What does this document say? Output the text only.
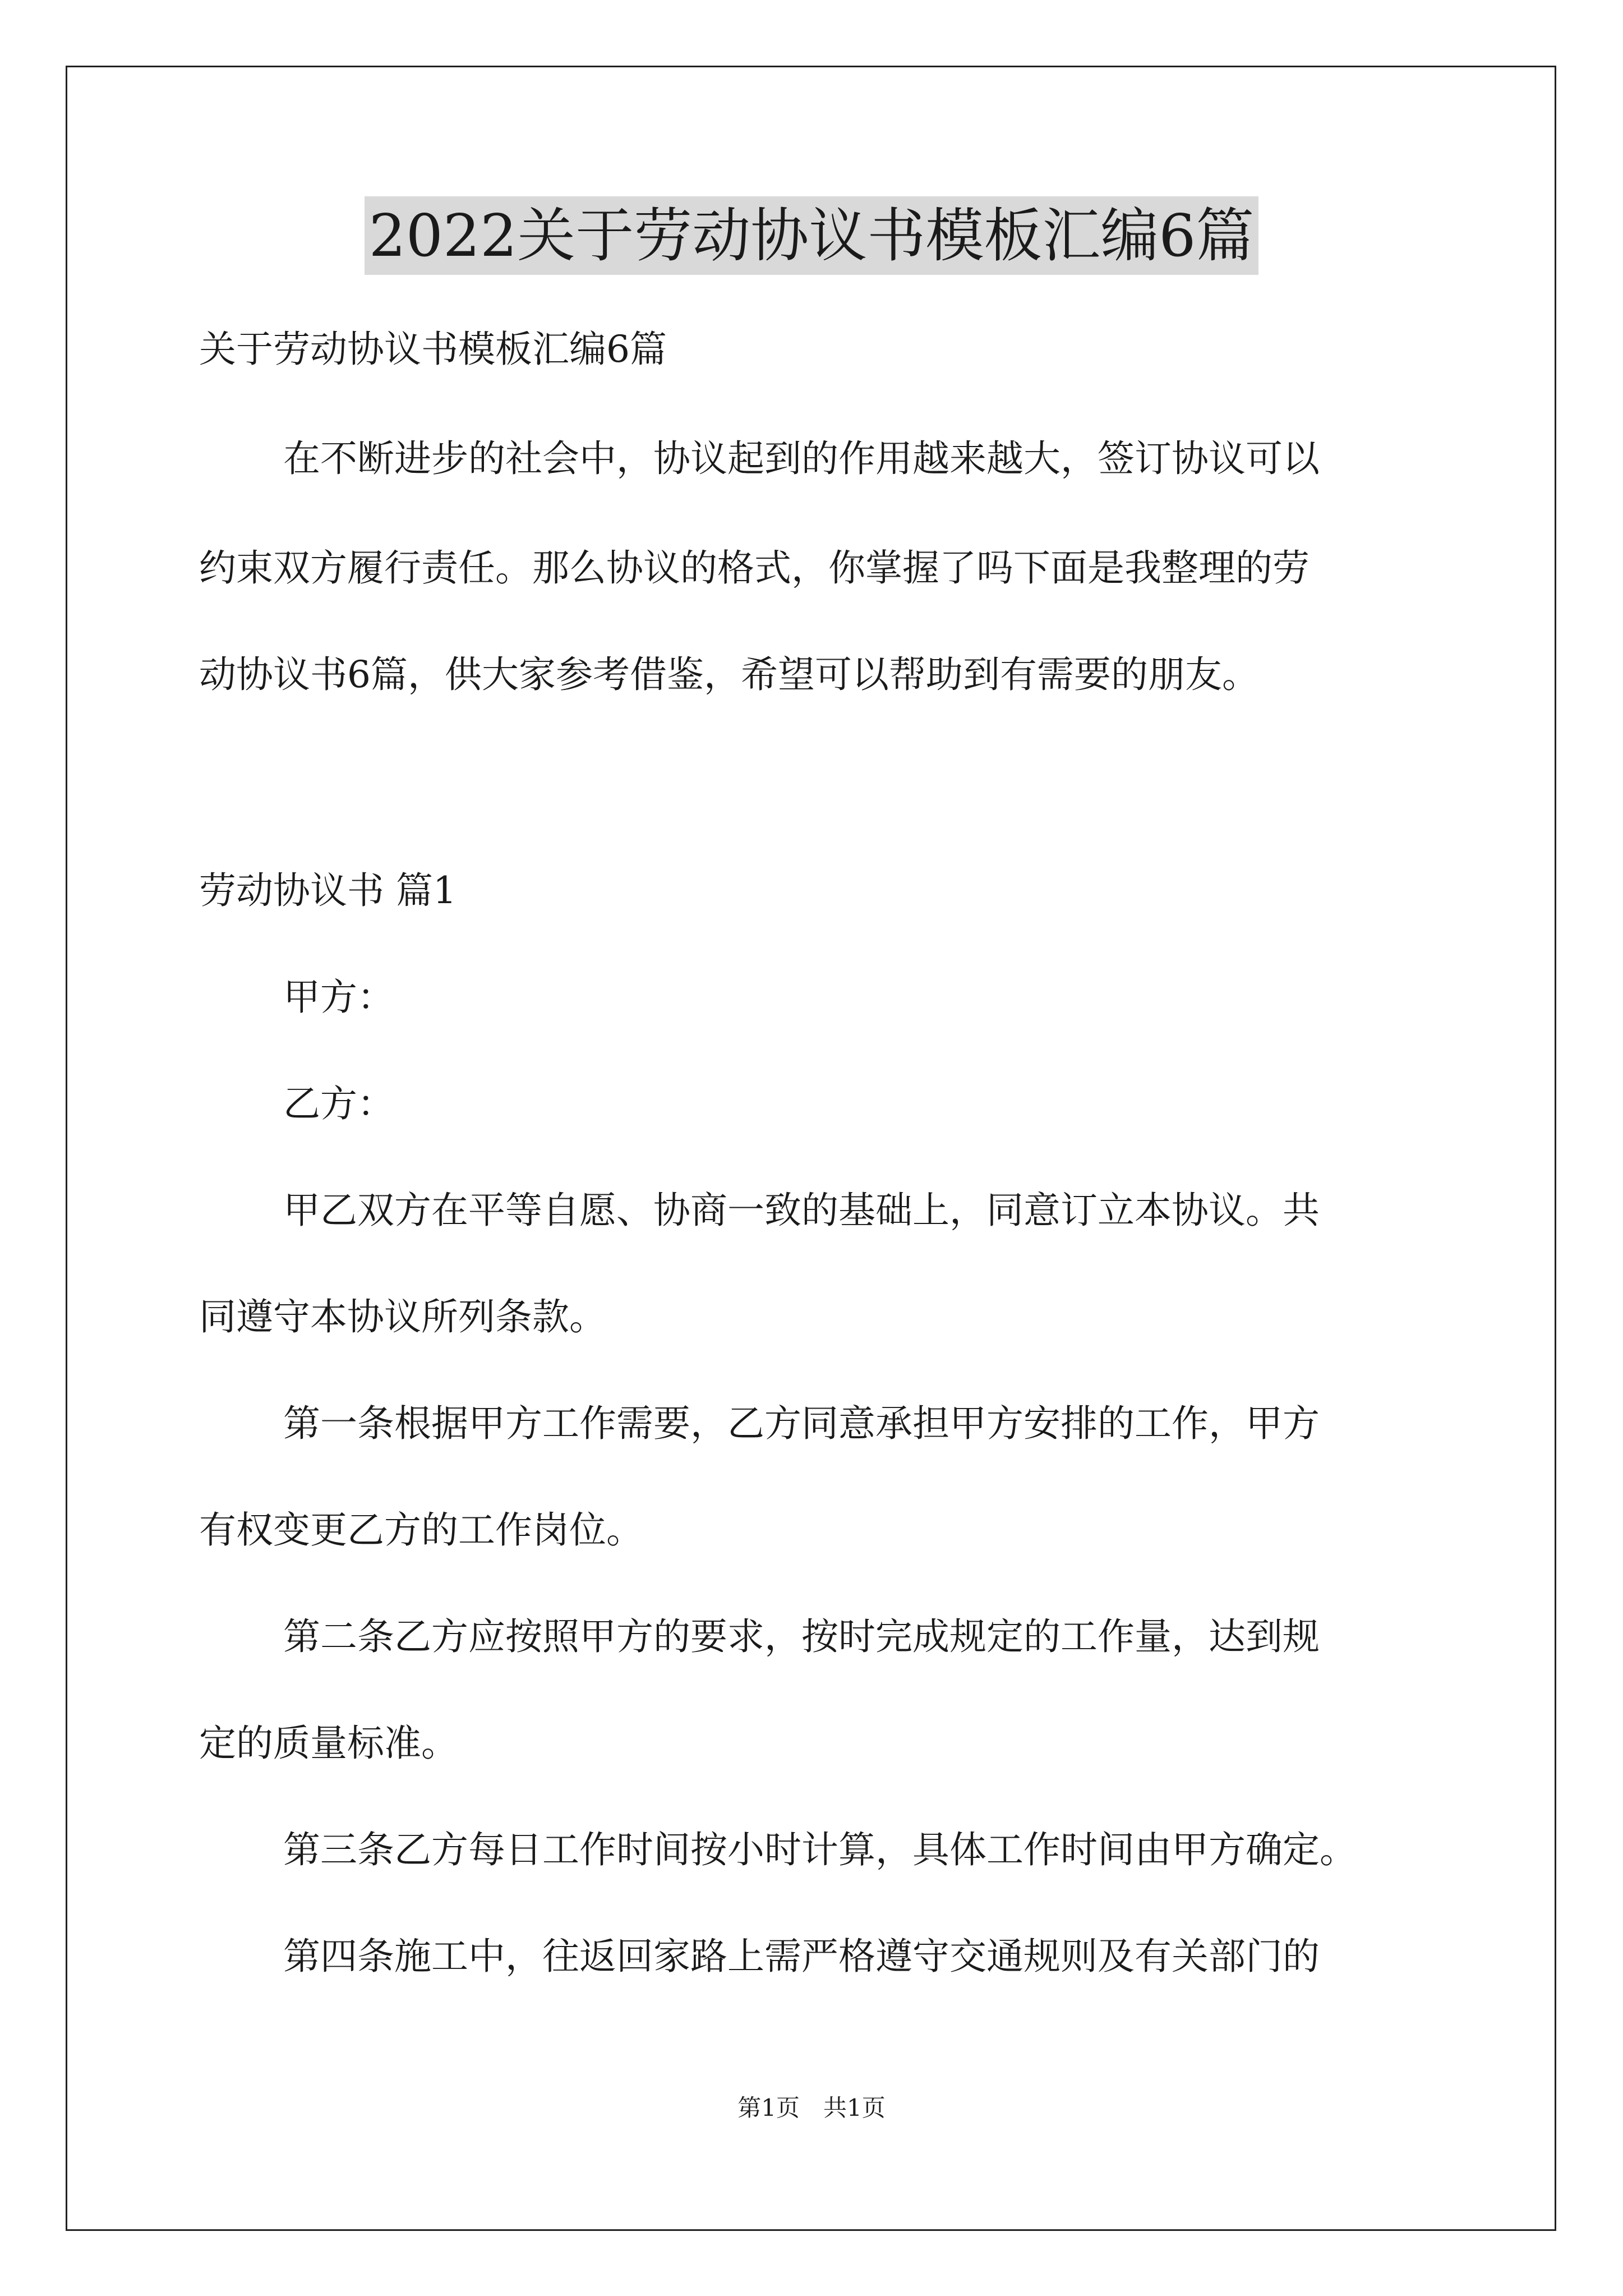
2022关于劳动协议书模板汇编6篇
关于劳动协议书模板汇编6篇
在不断进步的社会中，协议起到的作用越来越大，签订协议可以
约束双方履行责任。那么协议的格式，你掌握了吗下面是我整理的劳
动协议书6篇，供大家参考借鉴，希望可以帮助到有需要的朋友。
劳动协议书 篇1
甲方：
乙方：
甲乙双方在平等自愿、协商一致的基础上，同意订立本协议。共
同遵守本协议所列条款。
第一条根据甲方工作需要，乙方同意承担甲方安排的工作，甲方
有权变更乙方的工作岗位。
第二条乙方应按照甲方的要求，按时完成规定的工作量，达到规
定的质量标准。
第三条乙方每日工作时间按小时计算，具体工作时间由甲方确定。
第四条施工中，往返回家路上需严格遵守交通规则及有关部门的
第1页　共1页
